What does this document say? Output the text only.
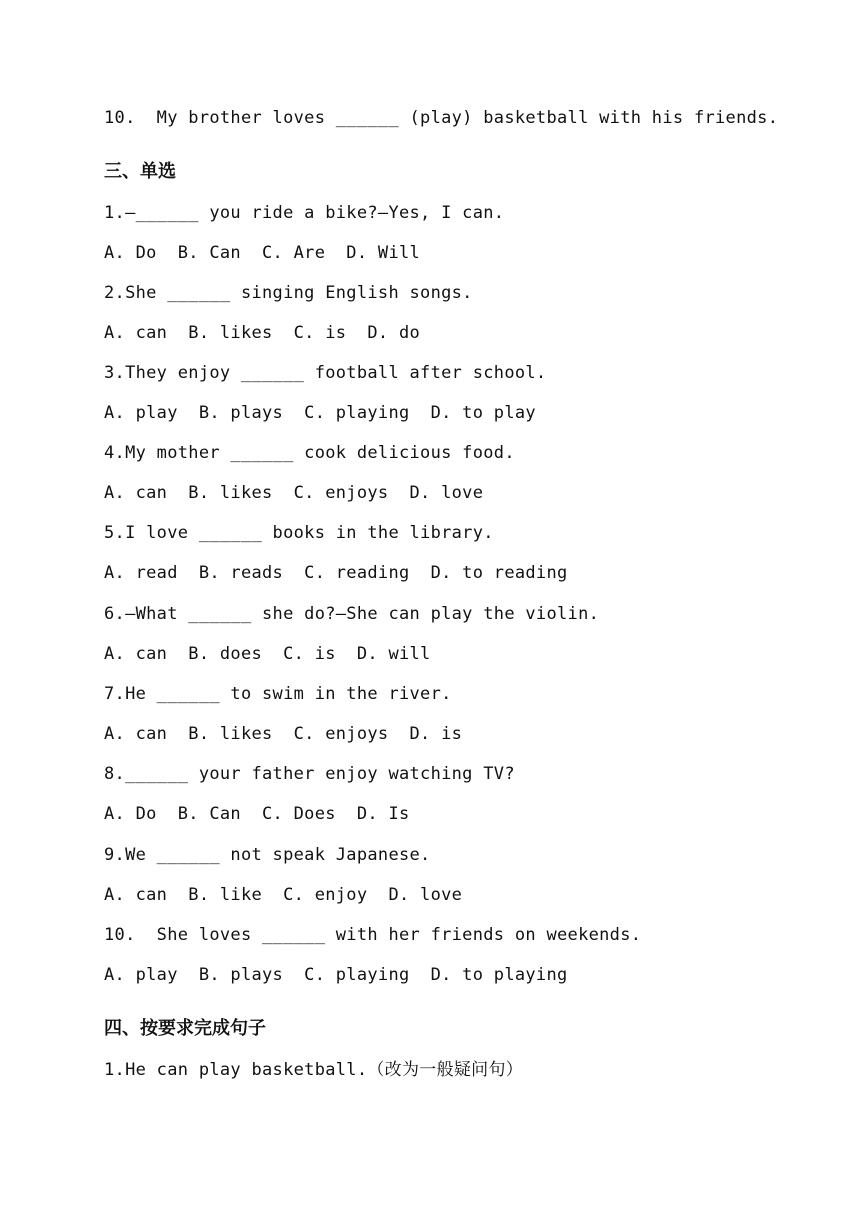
10.  My brother loves ______ (play) basketball with his friends.
三、单选
1.—______ you ride a bike?—Yes, I can.
A. Do  B. Can  C. Are  D. Will
2.She ______ singing English songs.
A. can  B. likes  C. is  D. do
3.They enjoy ______ football after school.
A. play  B. plays  C. playing  D. to play
4.My mother ______ cook delicious food.
A. can  B. likes  C. enjoys  D. love
5.I love ______ books in the library.
A. read  B. reads  C. reading  D. to reading
6.—What ______ she do?—She can play the violin.
A. can  B. does  C. is  D. will
7.He ______ to swim in the river.
A. can  B. likes  C. enjoys  D. is
8.______ your father enjoy watching TV?
A. Do  B. Can  C. Does  D. Is
9.We ______ not speak Japanese.
A. can  B. like  C. enjoy  D. love
10.  She loves ______ with her friends on weekends.
A. play  B. plays  C. playing  D. to playing
四、按要求完成句子
1.He can play basketball.（改为一般疑问句）
